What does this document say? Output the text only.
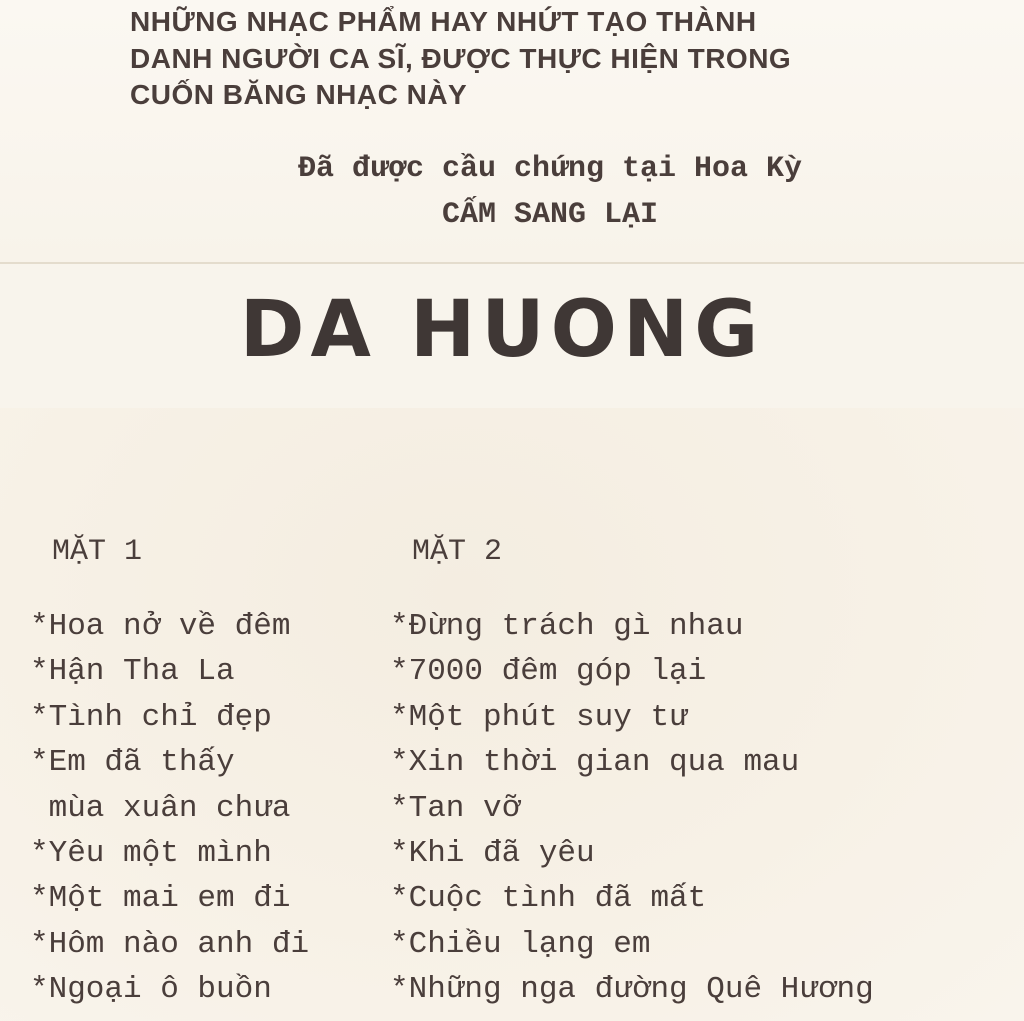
NHỮNG NHẠC PHẨM HAY NHỨT TẠO THÀNH
DANH NGƯỜI CA SĨ, ĐƯỢC THỰC HIỆN TRONG
CUỐN BĂNG NHẠC NÀY
Đã được cầu chứng tại Hoa Kỳ
CẤM SANG LẠI
DA HUONG
MẶT 1	MẶT 2
*Hoa nở về đêm
*Hận Tha La
*Tình chỉ đẹp
*Em đã thấy
mùa xuân chưa
*Yêu một mình
*Một mai em đi
*Hôm nào anh đi
*Ngoại ô buồn
*Đừng trách gì nhau
*7000 đêm góp lại
*Một phút suy tư
*Xin thời gian qua mau
*Tan vỡ
*Khi đã yêu
*Cuộc tình đã mất
*Chiều lạng em
*Những nga đường Quê Hương
